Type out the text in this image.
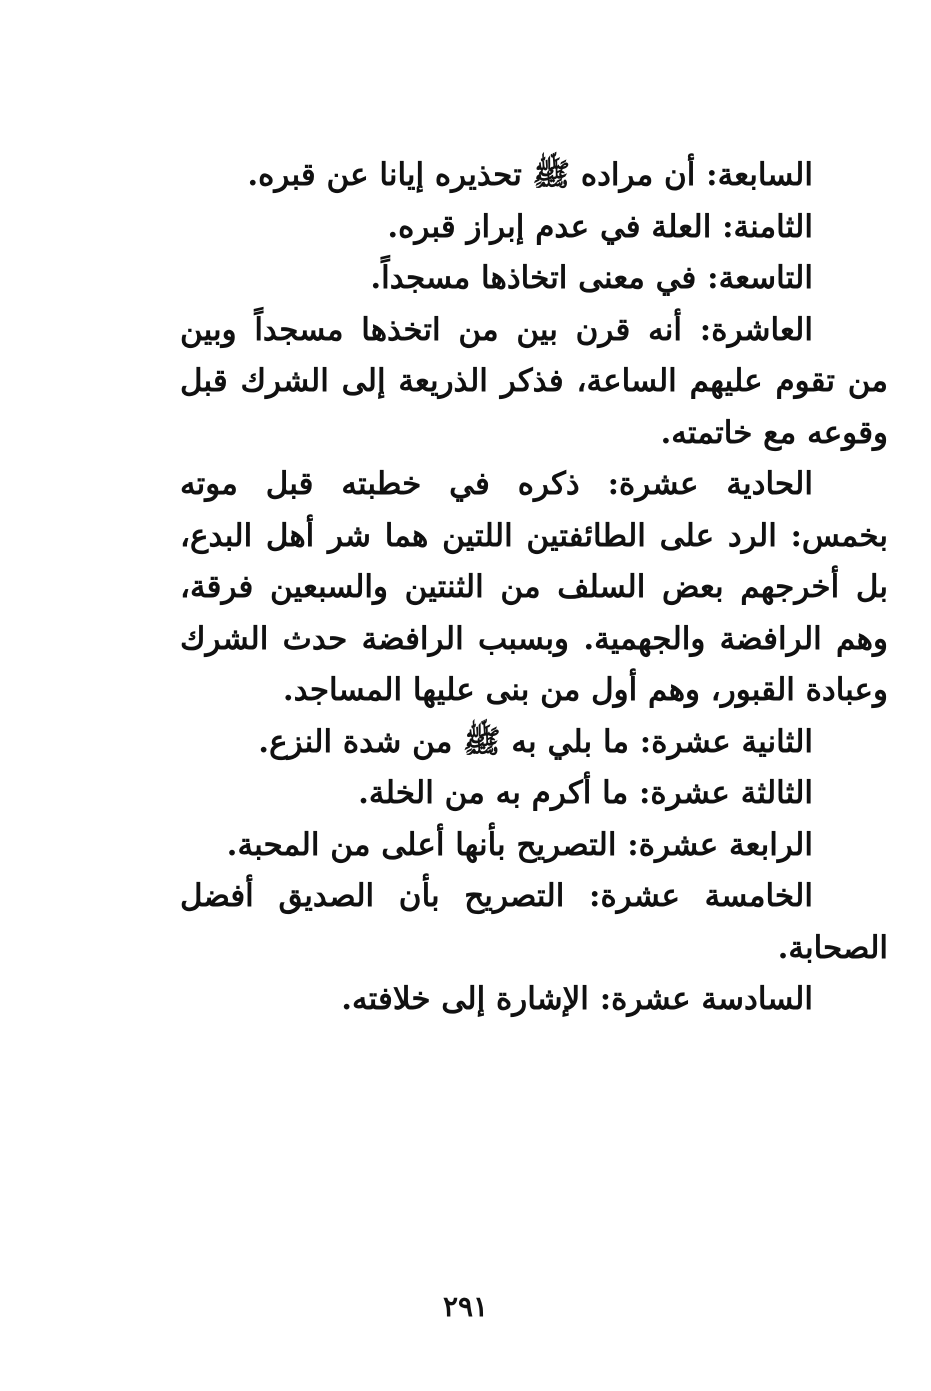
السابعة: أن مراده ﷺ تحذيره إيانا عن قبره.

الثامنة: العلة في عدم إبراز قبره.

التاسعة: في معنى اتخاذها مسجداً.

العاشرة: أنه قرن بين من اتخذها مسجداً وبين من تقوم عليهم الساعة، فذكر الذريعة إلى الشرك قبل وقوعه مع خاتمته.

الحادية عشرة: ذكره في خطبته قبل موته بخمس: الرد على الطائفتين اللتين هما شر أهل البدع، بل أخرجهم بعض السلف من الثنتين والسبعين فرقة، وهم الرافضة والجهمية. وبسبب الرافضة حدث الشرك وعبادة القبور، وهم أول من بنى عليها المساجد.

الثانية عشرة: ما بلي به ﷺ من شدة النزع.

الثالثة عشرة: ما أكرم به من الخلة.

الرابعة عشرة: التصريح بأنها أعلى من المحبة.

الخامسة عشرة: التصريح بأن الصديق أفضل الصحابة.

السادسة عشرة: الإشارة إلى خلافته.

٢٩١
